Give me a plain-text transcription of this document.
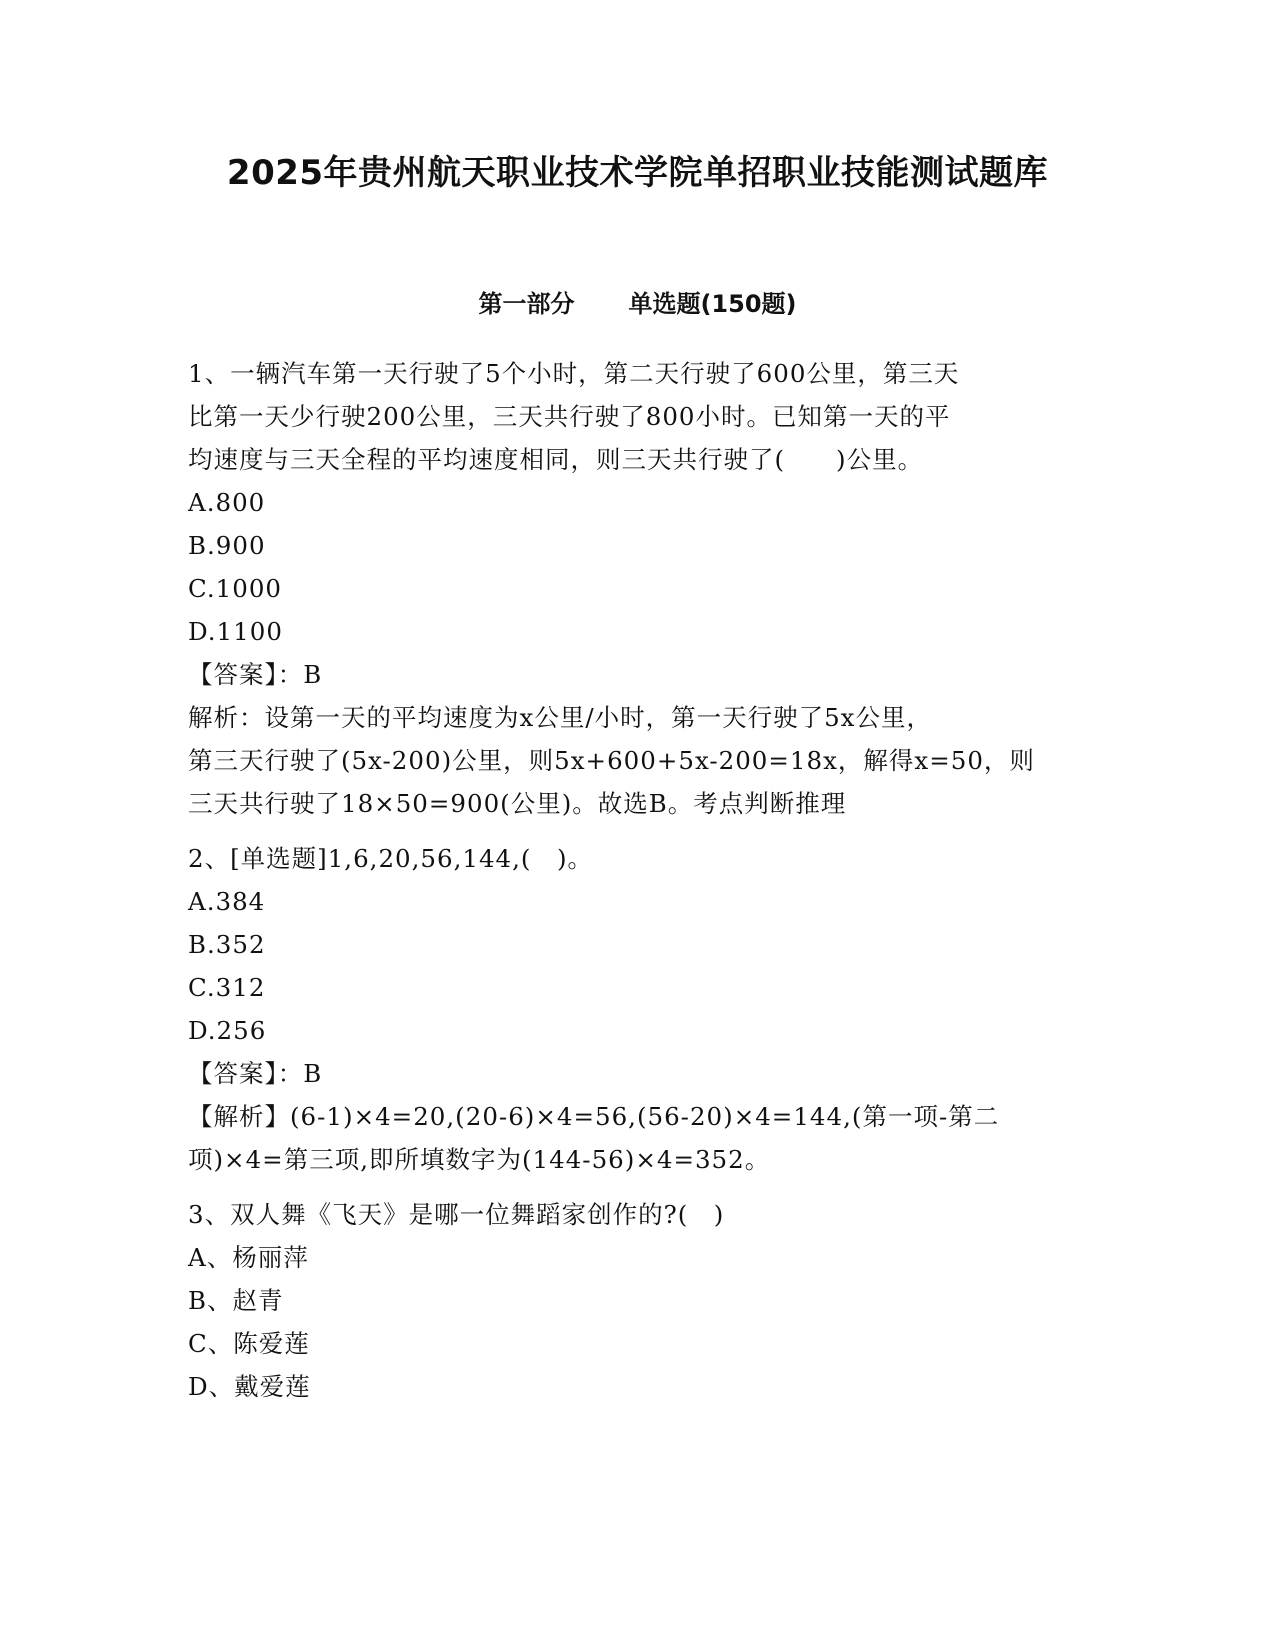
2025年贵州航天职业技术学院单招职业技能测试题库
第一部分 单选题(150题)
1、一辆汽车第一天行驶了5个小时，第二天行驶了600公里，第三天
比第一天少行驶200公里，三天共行驶了800小时。已知第一天的平
均速度与三天全程的平均速度相同，则三天共行驶了(　　)公里。
A.800
B.900
C.1000
D.1100
【答案】：B
解析：设第一天的平均速度为x公里/小时，第一天行驶了5x公里，
第三天行驶了(5x-200)公里，则5x+600+5x-200=18x，解得x=50，则
三天共行驶了18×50=900(公里)。故选B。考点判断推理
2、[单选题]1,6,20,56,144,(　)。
A.384
B.352
C.312
D.256
【答案】：B
【解析】(6-1)×4=20,(20-6)×4=56,(56-20)×4=144,(第一项-第二
项)×4=第三项,即所填数字为(144-56)×4=352。
3、双人舞《飞天》是哪一位舞蹈家创作的?(　)
A、杨丽萍
B、赵青
C、陈爱莲
D、戴爱莲
